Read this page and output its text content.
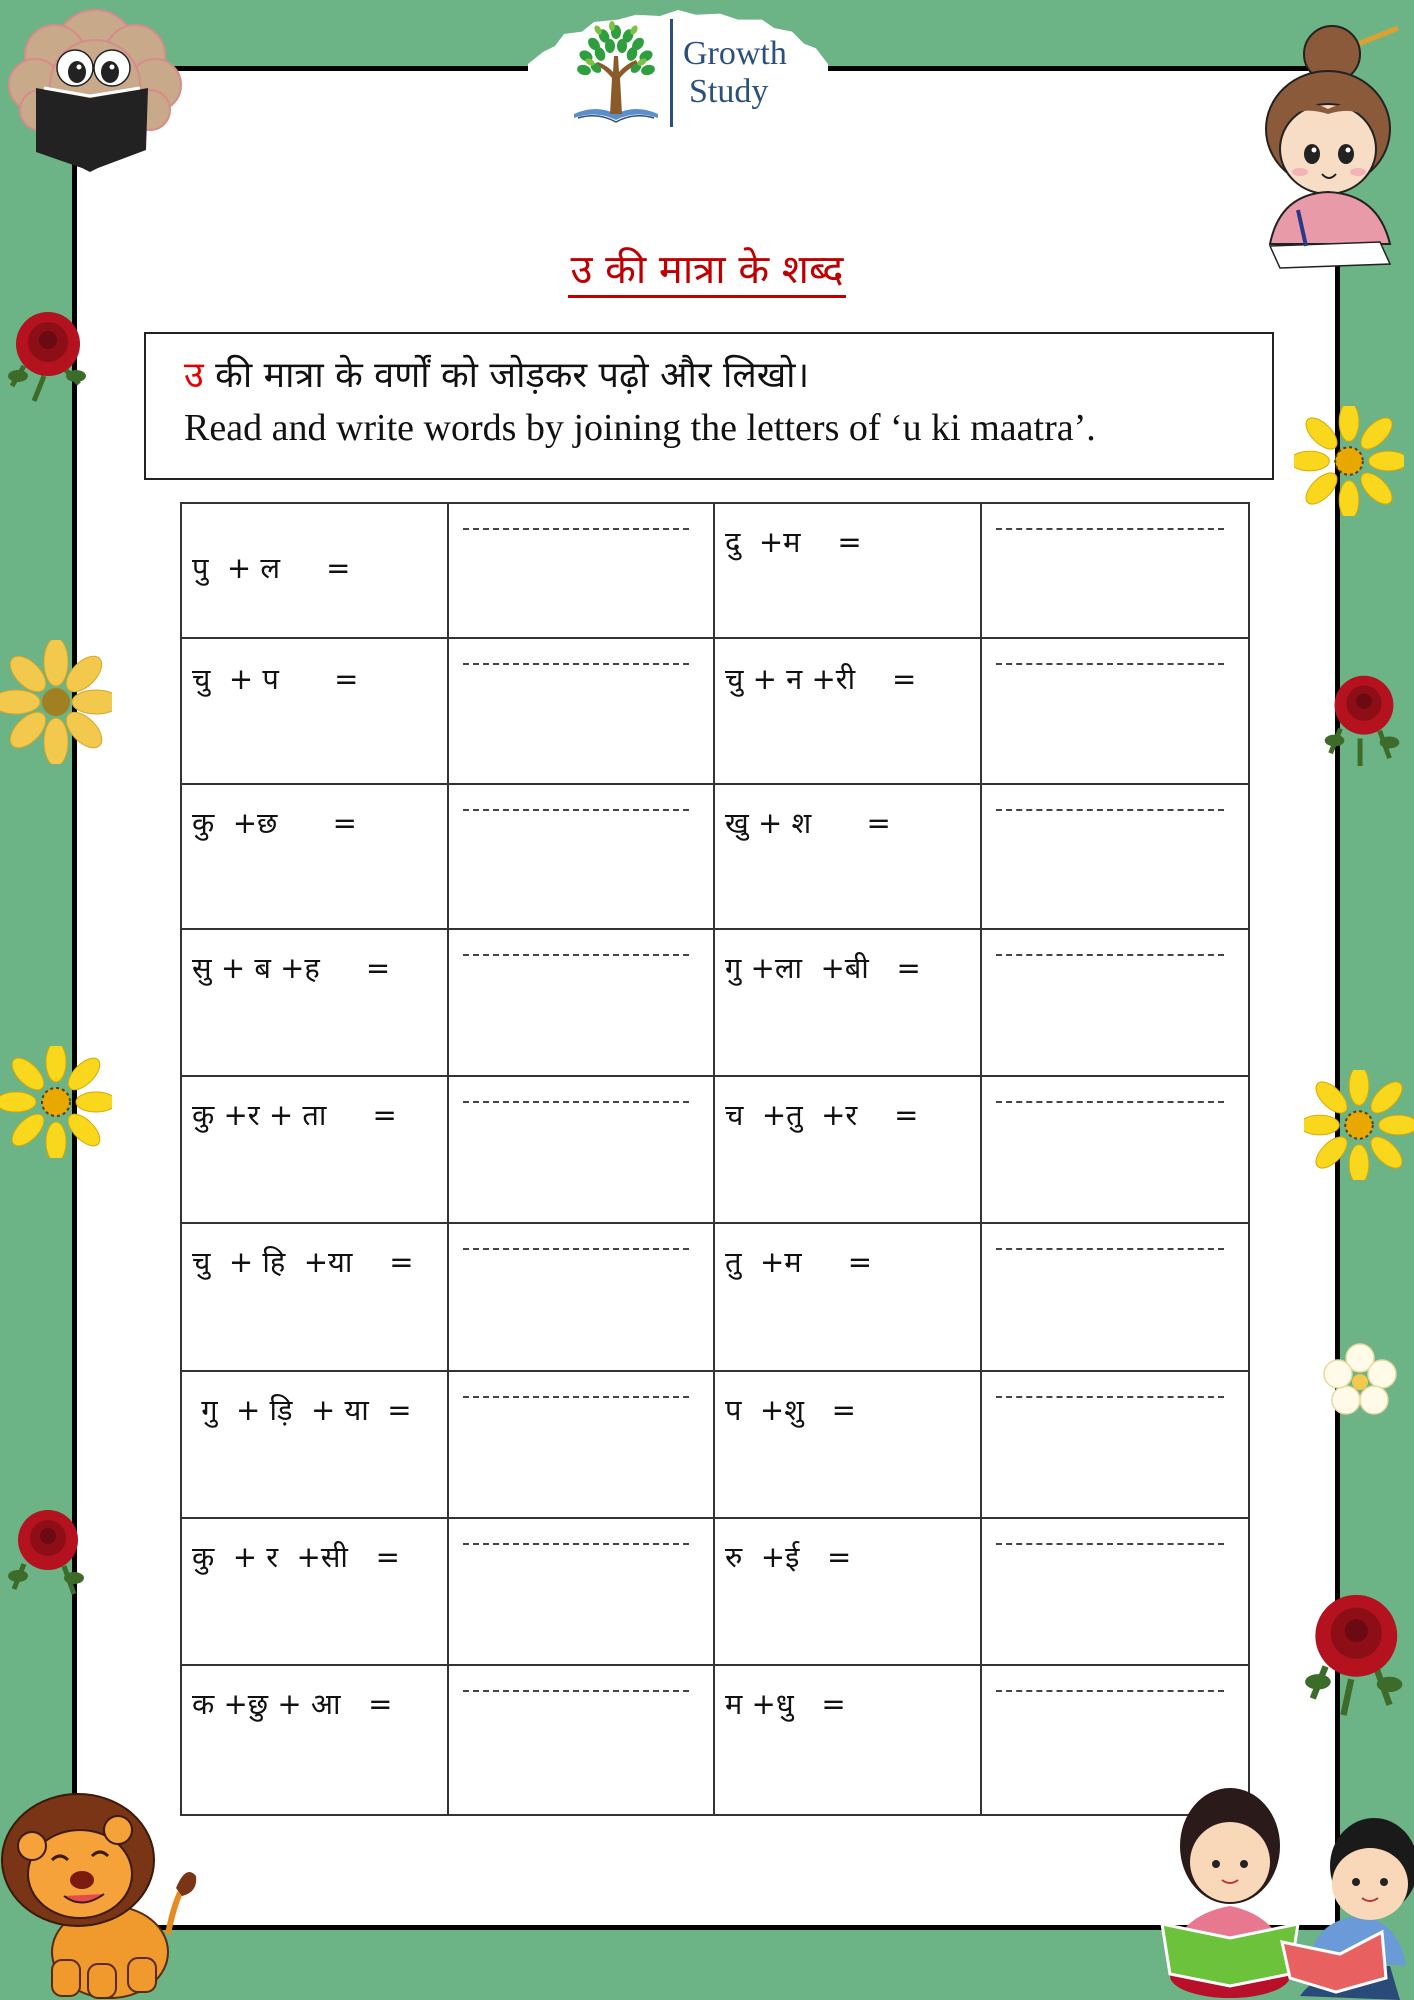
Growth
Study
उ की मात्रा के शब्द
उ की मात्रा के वर्णों को जोड़कर पढ़ो और लिखो।
Read and write words by joining the letters of ‘u ki maatra’.
पु  + ल     =		दु  +म    =

चु  + प      =		चु + न +री    =

कु  +छ      =		खु + श      =

सु + ब +ह     =		गु +ला  +बी   =

कु +र + ता     =		च  +तु  +र    =

चु  + हि  +या    =		तु  +म     =

गु  + ड़ि  + या  =		प  +शु   =

कु  + र  +सी   =		रु  +ई   =

क +छु + आ   =		म +धु   =
